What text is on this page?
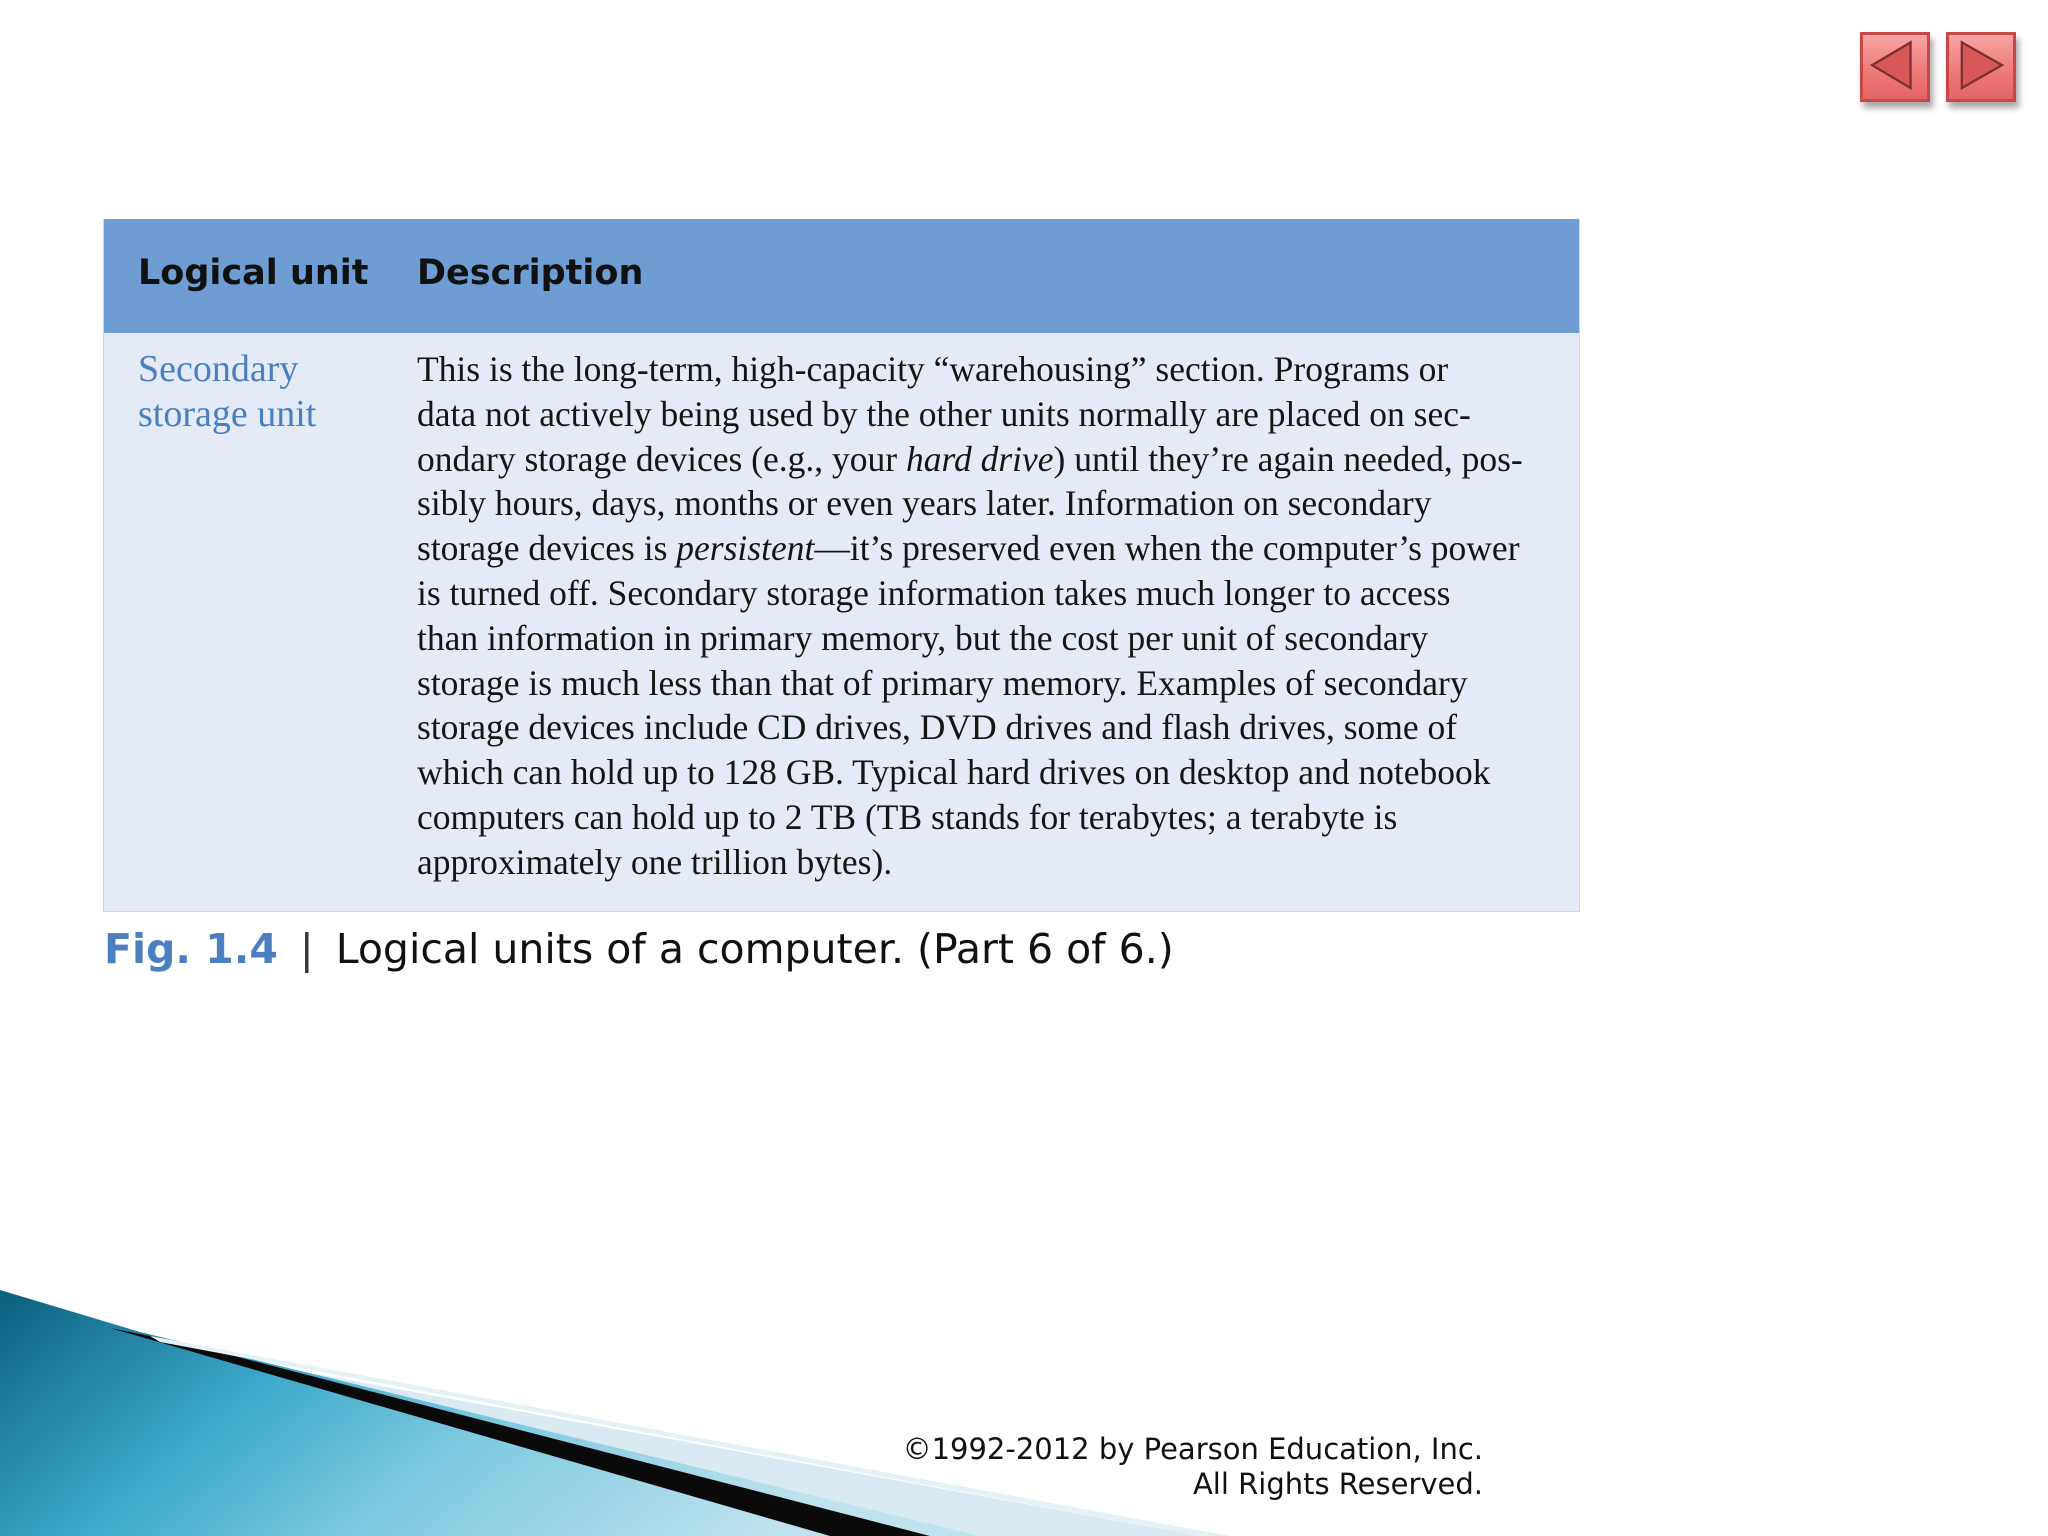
Logical unit Description
Secondary
storage unit
This is the long-term, high-capacity “warehousing” section. Programs or
data not actively being used by the other units normally are placed on sec-
ondary storage devices (e.g., your hard drive) until they’re again needed, pos-
sibly hours, days, months or even years later. Information on secondary
storage devices is persistent—it’s preserved even when the computer’s power
is turned off. Secondary storage information takes much longer to access
than information in primary memory, but the cost per unit of secondary
storage is much less than that of primary memory. Examples of secondary
storage devices include CD drives, DVD drives and flash drives, some of
which can hold up to 128 GB. Typical hard drives on desktop and notebook
computers can hold up to 2 TB (TB stands for terabytes; a terabyte is
approximately one trillion bytes).
Fig. 1.4 | Logical units of a computer. (Part 6 of 6.)
©1992-2012 by Pearson Education, Inc.
All Rights Reserved.
